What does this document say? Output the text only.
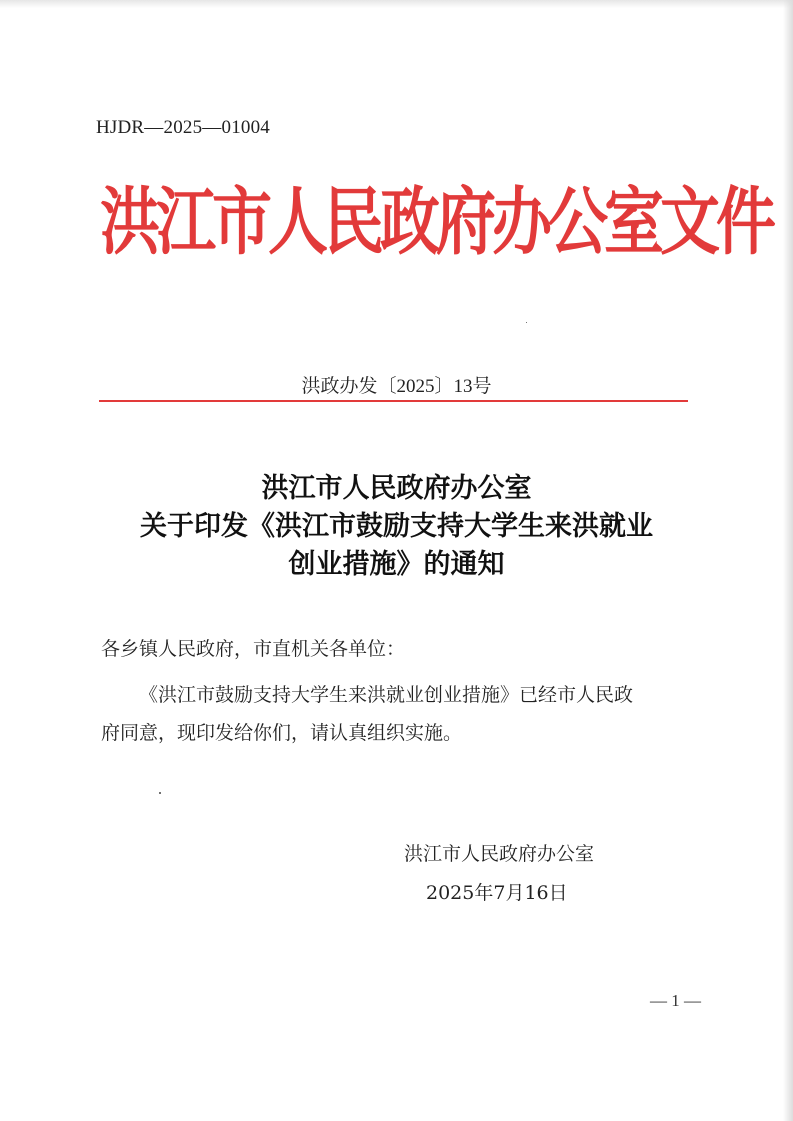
HJDR—2025—01004
洪江市人民政府办公室文件
洪政办发〔2025〕13号
洪江市人民政府办公室
关于印发《洪江市鼓励支持大学生来洪就业
创业措施》的通知
各乡镇人民政府，市直机关各单位：
《洪江市鼓励支持大学生来洪就业创业措施》已经市人民政
府同意，现印发给你们，请认真组织实施。
洪江市人民政府办公室
2025年7月16日
— 1 —
